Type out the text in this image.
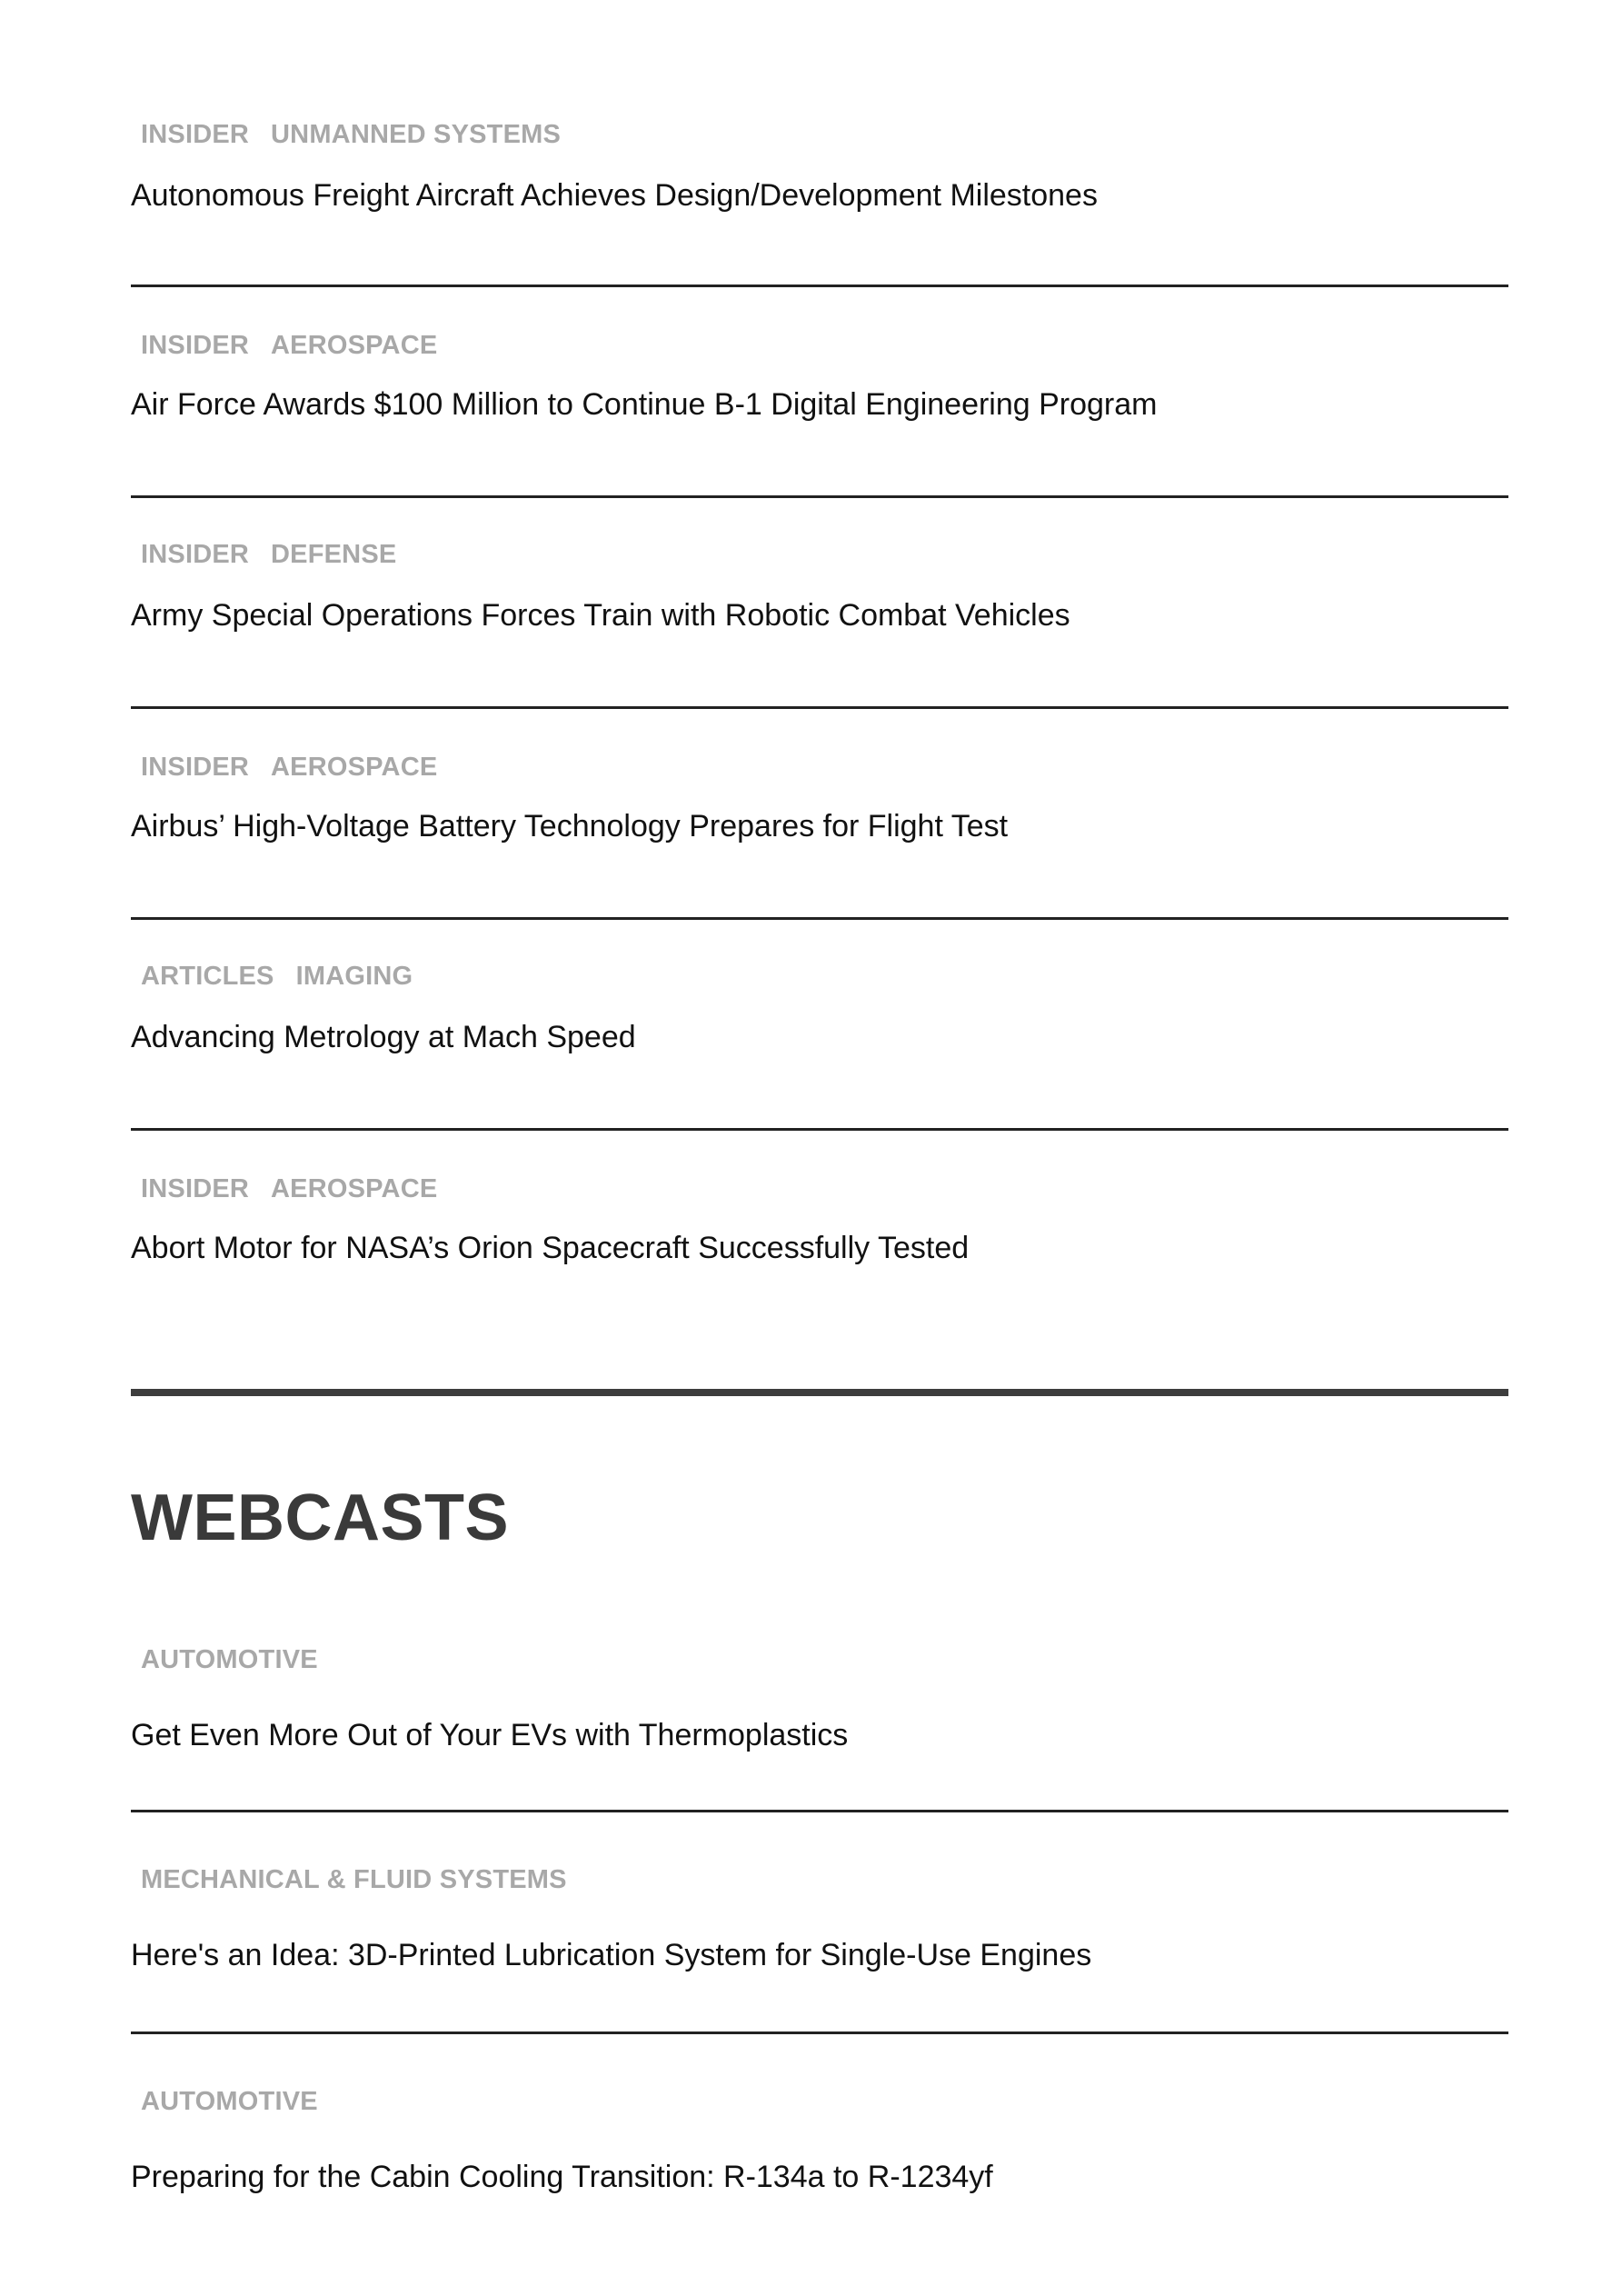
INSIDER UNMANNED SYSTEMS
Autonomous Freight Aircraft Achieves Design/Development Milestones
INSIDER AEROSPACE
Air Force Awards $100 Million to Continue B-1 Digital Engineering Program
INSIDER DEFENSE
Army Special Operations Forces Train with Robotic Combat Vehicles
INSIDER AEROSPACE
Airbus’ High-Voltage Battery Technology Prepares for Flight Test
ARTICLES IMAGING
Advancing Metrology at Mach Speed
INSIDER AEROSPACE
Abort Motor for NASA’s Orion Spacecraft Successfully Tested
WEBCASTS
AUTOMOTIVE
Get Even More Out of Your EVs with Thermoplastics
MECHANICAL & FLUID SYSTEMS
Here's an Idea: 3D-Printed Lubrication System for Single-Use Engines
AUTOMOTIVE
Preparing for the Cabin Cooling Transition: R-134a to R-1234yf
